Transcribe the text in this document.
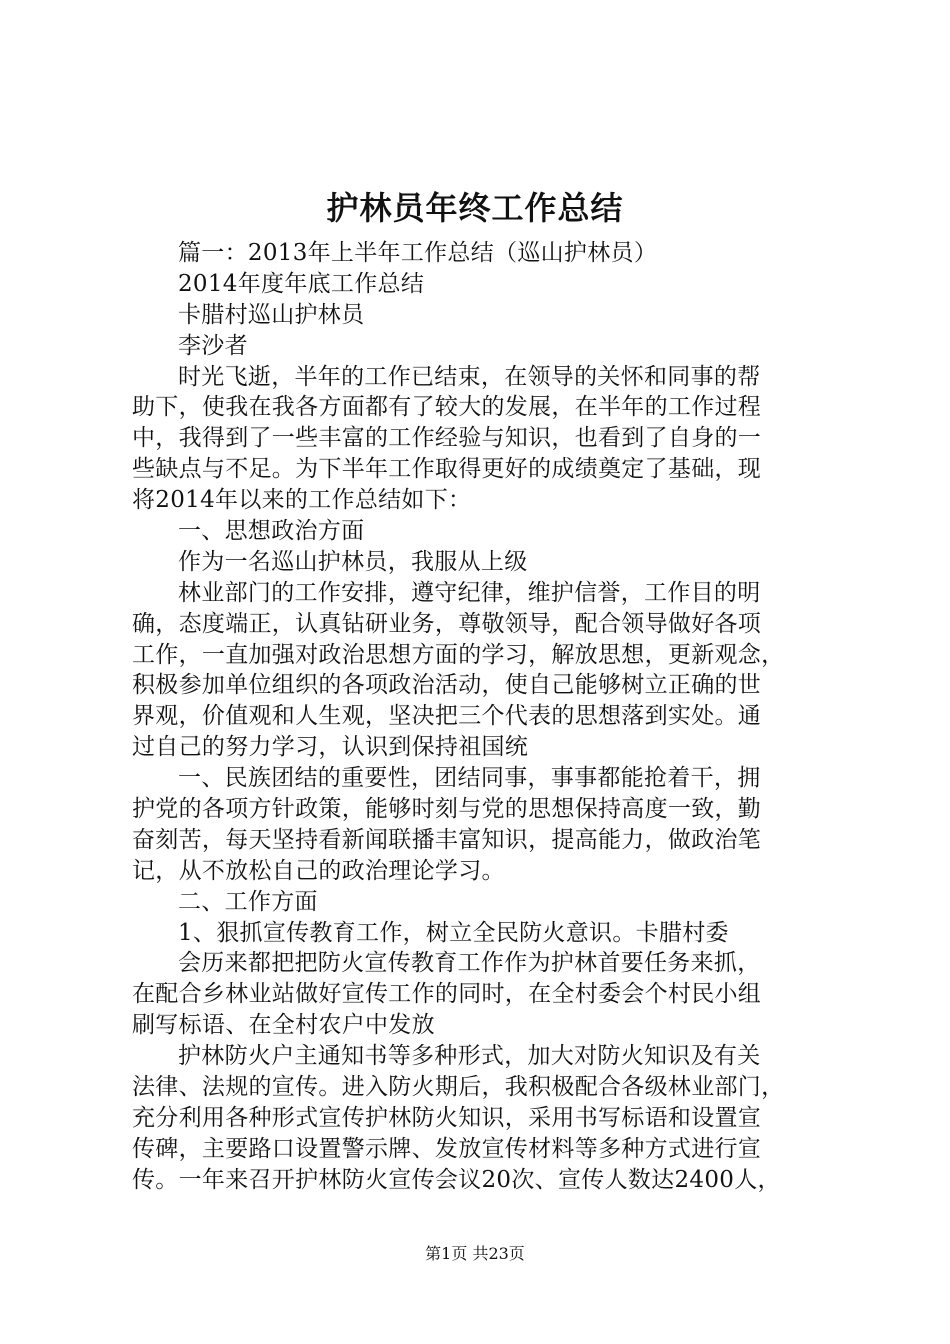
护林员年终工作总结

篇一：2013年上半年工作总结（巡山护林员）

2014年度年底工作总结

卡腊村巡山护林员

李沙者

时光飞逝，半年的工作已结束，在领导的关怀和同事的帮

助下，使我在我各方面都有了较大的发展，在半年的工作过程

中，我得到了一些丰富的工作经验与知识，也看到了自身的一

些缺点与不足。为下半年工作取得更好的成绩奠定了基础，现

将2014年以来的工作总结如下：

一、思想政治方面

作为一名巡山护林员，我服从上级

林业部门的工作安排，遵守纪律，维护信誉，工作目的明

确，态度端正，认真钻研业务，尊敬领导，配合领导做好各项

工作，一直加强对政治思想方面的学习，解放思想，更新观念，

积极参加单位组织的各项政治活动，使自己能够树立正确的世

界观，价值观和人生观，坚决把三个代表的思想落到实处。通

过自己的努力学习，认识到保持祖国统

一、民族团结的重要性，团结同事，事事都能抢着干，拥

护党的各项方针政策，能够时刻与党的思想保持高度一致，勤

奋刻苦，每天坚持看新闻联播丰富知识，提高能力，做政治笔

记，从不放松自己的政治理论学习。

二、工作方面

1、狠抓宣传教育工作，树立全民防火意识。卡腊村委

会历来都把把防火宣传教育工作作为护林首要任务来抓，

在配合乡林业站做好宣传工作的同时，在全村委会个村民小组

刷写标语、在全村农户中发放

护林防火户主通知书等多种形式，加大对防火知识及有关

法律、法规的宣传。进入防火期后，我积极配合各级林业部门，

充分利用各种形式宣传护林防火知识，采用书写标语和设置宣

传碑，主要路口设置警示牌、发放宣传材料等多种方式进行宣

传。一年来召开护林防火宣传会议20次、宣传人数达2400人，

第1页 共23页
